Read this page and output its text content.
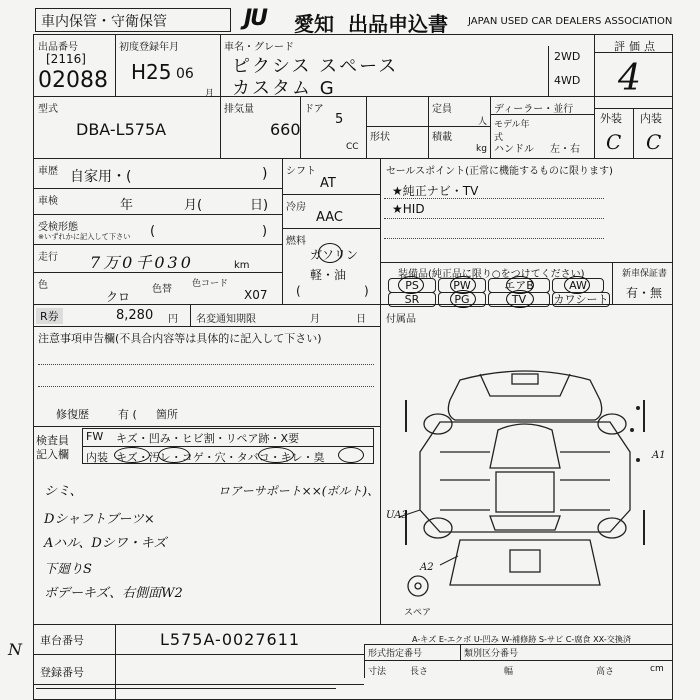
車内保管・守衛保管	JU	愛知 出品申込書 JAPAN USED CAR DEALERS ASSOCIATION
出品番号
[2116]
02088
初度登録年月
H25 06
月
車名・グレード
ピクシス スペース
カスタム G
2WD
4WD
評価点
4
型式
DBA-L575A
排気量
660
CC
ドア
5
形状
定員
人
積載
kg
ディーラー・並行
モデル年式
ハンドル 左・右
外装 内装
C C
車歴 自家用・(	)
車検	年	月(	日)
受検形態
※いずれかに記入して下さい (	)
走行 7万0千030	km
色
クロ
色替 色コード
X07
R券	8,280 円 名変通知期限	月	日
注意事項申告欄(不具合内容等は具体的に記入して下さい)
修復歴	有 ( 箇所
検査員
記入欄
FW キズ・凹み・ヒビ割・リペア跡・X要
内装 キズ・汚レ・コゲ・穴・タバコ・キレ・臭
シミ、	ロアーサポート××(ボルト)、
Dシャフトブーツ×
Aハル、Dシワ・キズ
下廻りS
ボデーキズ、右側面W2
シフト
AT
冷房
AAC
燃料
ガソリン
軽・油
(	)
セールスポイント(正常に機能するものに限ります)
★純正ナビ・TV
★HID
装備品(純正品に限り○をつけてください)
PS	PW	エアB	AW
SR	PG	TV	カワシート
新車保証書
有・無
付属品
UA3
A2
A1
スペア
A-キズ E-エクボ U-凹み W-補修跡 S-サビ C-腐食 XX-交換済
形式指定番号	類別区分番号
寸法	長さ	幅	高さ	cm
車台番号	L575A-0027611
登録番号
N
